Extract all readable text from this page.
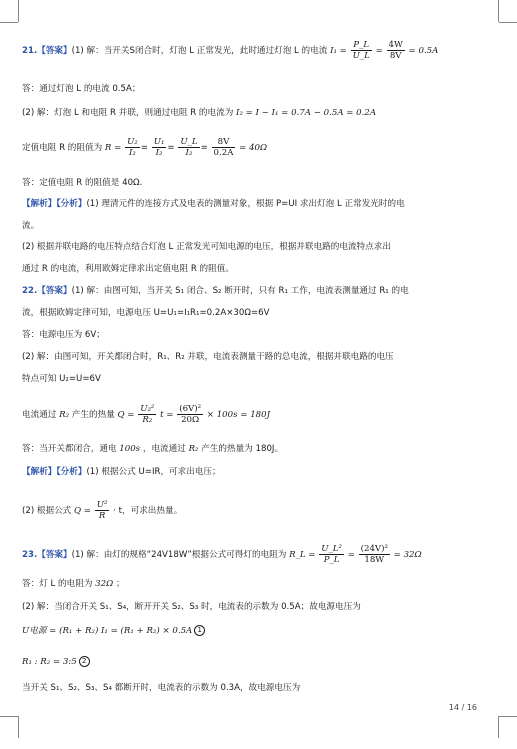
21.【答案】(1) 解：当开关S闭合时，灯泡 L 正常发光，此时通过灯泡 L 的电流 $I_1 = \frac{P\_L}{U\_L} = \frac{4W}{8V} = 0.5A$
答：通过灯泡 L 的电流 0.5A；
(2) 解：灯泡 L 和电阻 R 并联，则通过电阻 R 的电流为 I₂ = I − I₁ = 0.7A − 0.5A = 0.2A
定值电阻 R 的阻值为 $R = \frac{\text{U₂}}{\text{I₂}} = \frac{\text{U₁}}{\text{I₂}} = \frac{U\_L}{\text{I₂}} = \frac{8V}{0.2A} = 40\Omega$
答：定值电阻 R 的阻值是 40Ω.
【解析】【分析】(1) 理清元件的连接方式及电表的测量对象，根据 P=UI 求出灯泡 L 正常发光时的电
流。
(2) 根据并联电路的电压特点结合灯泡 L 正常发光可知电源的电压，根据并联电路的电流特点求出
通过 R 的电流，利用欧姆定律求出定值电阻 R 的阻值。
22.【答案】(1) 解：由图可知，当开关 S₁ 闭合、S₂ 断开时，只有 R₁ 工作，电流表测量通过 R₁ 的电
流，根据欧姆定律可知，电源电压 U=U₁=I₁R₁=0.2A×30Ω=6V
答：电源电压为 6V；
(2) 解：由图可知，开关都闭合时，R₁、R₂ 并联，电流表测量干路的总电流，根据并联电路的电压
特点可知 U₂=U=6V
电流通过 R₂ 产生的热量 $Q = \frac{\text{U₂²}}{\text{R₂}}$ $t = \frac{\text{(6V)²}}{20\Omega} \times 100s = 180J$
答：当开关都闭合，通电 100s ，电流通过 R₂ 产生的热量为 180J。
【解析】【分析】(1) 根据公式 U=IR，可求出电压；
(2) 根据公式 $Q = \frac{\text{U²}}{R} \cdot t$，可求出热量。
23.【答案】(1) 解：由灯的规格“24V18W”根据公式可得灯的电阻为 R_L = $\frac{\text{U\_L²}}{P\_L} = \frac{\text{(24V)²}}{18W} = 32\Omega$
答：灯 L 的电阻为 32Ω ；
(2) 解：当闭合开关 S₁、S₄，断开开关 S₂、S₃ 时，电流表的示数为 0.5A；故电源电压为
U电源 = (R₁ + R₂) I₁ = (R₁ + R₂) × 0.5A 1
R₁ : R₂ = 3:5 2
当开关 S₁、S₂、S₃、S₄ 都断开时，电流表的示数为 0.3A，故电源电压为
14 / 16
